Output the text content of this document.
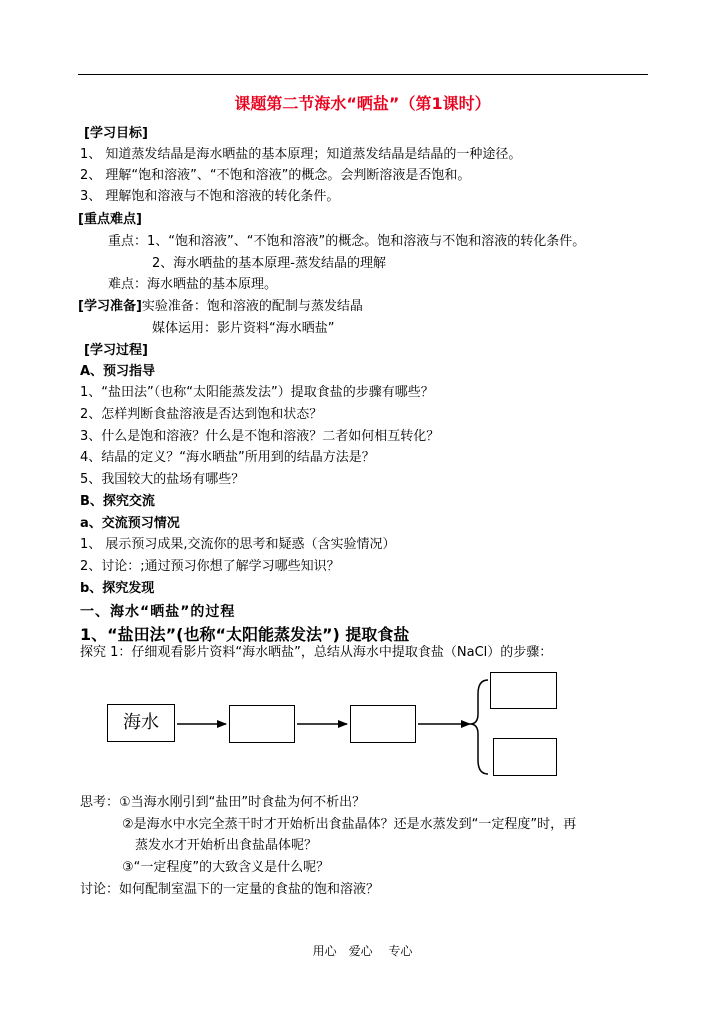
课题第二节海水“晒盐”（第1课时）
[学习目标]
1、 知道蒸发结晶是海水晒盐的基本原理；知道蒸发结晶是结晶的一种途径。
2、 理解“饱和溶液”、“不饱和溶液”的概念。会判断溶液是否饱和。
3、 理解饱和溶液与不饱和溶液的转化条件。
[重点难点]
重点：1、“饱和溶液”、“不饱和溶液”的概念。饱和溶液与不饱和溶液的转化条件。
2、海水晒盐的基本原理-蒸发结晶的理解
难点：海水晒盐的基本原理。
[学习准备]实验准备：饱和溶液的配制与蒸发结晶
媒体运用：影片资料“海水晒盐”
[学习过程]
A、预习指导
1、“盐田法”（也称“太阳能蒸发法”）提取食盐的步骤有哪些？
2、怎样判断食盐溶液是否达到饱和状态？
3、什么是饱和溶液？什么是不饱和溶液？二者如何相互转化？
4、结晶的定义？“海水晒盐”所用到的结晶方法是？
5、我国较大的盐场有哪些？
B、探究交流
a、交流预习情况
1、 展示预习成果,交流你的思考和疑惑（含实验情况）
2、讨论：;通过预习你想了解学习哪些知识？
b、探究发现
一、海水“晒盐”的过程
1、“盐田法”(也称“太阳能蒸发法”) 提取食盐
探究 1：仔细观看影片资料“海水晒盐”，总结从海水中提取食盐（NaCl）的步骤：
海水
思考：①当海水刚引到“盐田”时食盐为何不析出？
②是海水中水完全蒸干时才开始析出食盐晶体？还是水蒸发到“一定程度”时，再
蒸发水才开始析出食盐晶体呢？
③“一定程度”的大致含义是什么呢？
讨论：如何配制室温下的一定量的食盐的饱和溶液？
用心　爱心　 专心
